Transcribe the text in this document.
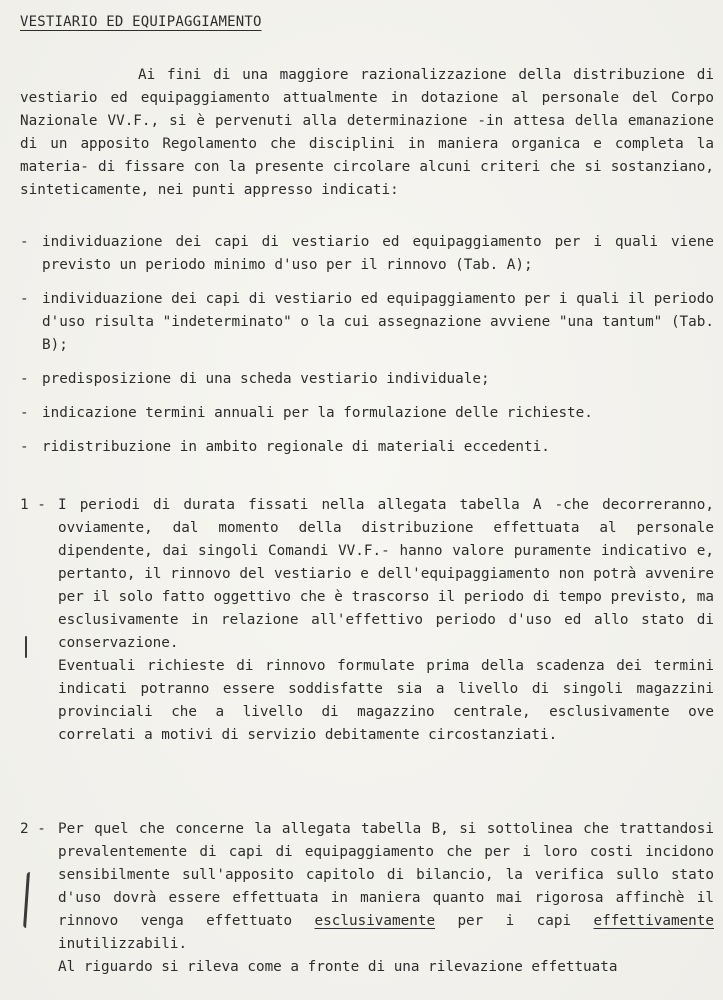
VESTIARIO ED EQUIPAGGIAMENTO
Ai fini di una maggiore razionalizzazione della distribuzione di vestiario ed equipaggiamento attualmente in dotazione al personale del Corpo Nazionale VV.F., si è pervenuti alla determinazione -in attesa della emanazione di un apposito Regolamento che disciplini in maniera organica e completa la materia- di fissare con la presente circolare alcuni criteri che si sostanziano, sinteticamente, nei punti appresso indicati:
- individuazione dei capi di vestiario ed equipaggiamento per i quali viene previsto un periodo minimo d'uso per il rinnovo (Tab. A);
- individuazione dei capi di vestiario ed equipaggiamento per i quali il periodo d'uso risulta "indeterminato" o la cui assegnazione avviene "una tantum" (Tab. B);
- predisposizione di una scheda vestiario individuale;
- indicazione termini annuali per la formulazione delle richieste.
- ridistribuzione in ambito regionale di materiali eccedenti.
1 - I periodi di durata fissati nella allegata tabella A -che decorreranno, ovviamente, dal momento della distribuzione effettuata al personale dipendente, dai singoli Comandi VV.F.- hanno valore puramente indicativo e, pertanto, il rinnovo del vestiario e dell'equipaggiamento non potrà avvenire per il solo fatto oggettivo che è trascorso il periodo di tempo previsto, ma esclusivamente in relazione all'effettivo periodo d'uso ed allo stato di conservazione.
Eventuali richieste di rinnovo formulate prima della scadenza dei termini indicati potranno essere soddisfatte sia a livello di singoli magazzini provinciali che a livello di magazzino centrale, esclusivamente ove correlati a motivi di servizio debitamente circostanziati.
2 - Per quel che concerne la allegata tabella B, si sottolinea che trattandosi prevalentemente di capi di equipaggiamento che per i loro costi incidono sensibilmente sull'apposito capitolo di bilancio, la verifica sullo stato d'uso dovrà essere effettuata in maniera quanto mai rigorosa affinchè il rinnovo venga effettuato esclusivamente per i capi effettivamente inutilizzabili.
Al riguardo si rileva come a fronte di una rilevazione effettuata
